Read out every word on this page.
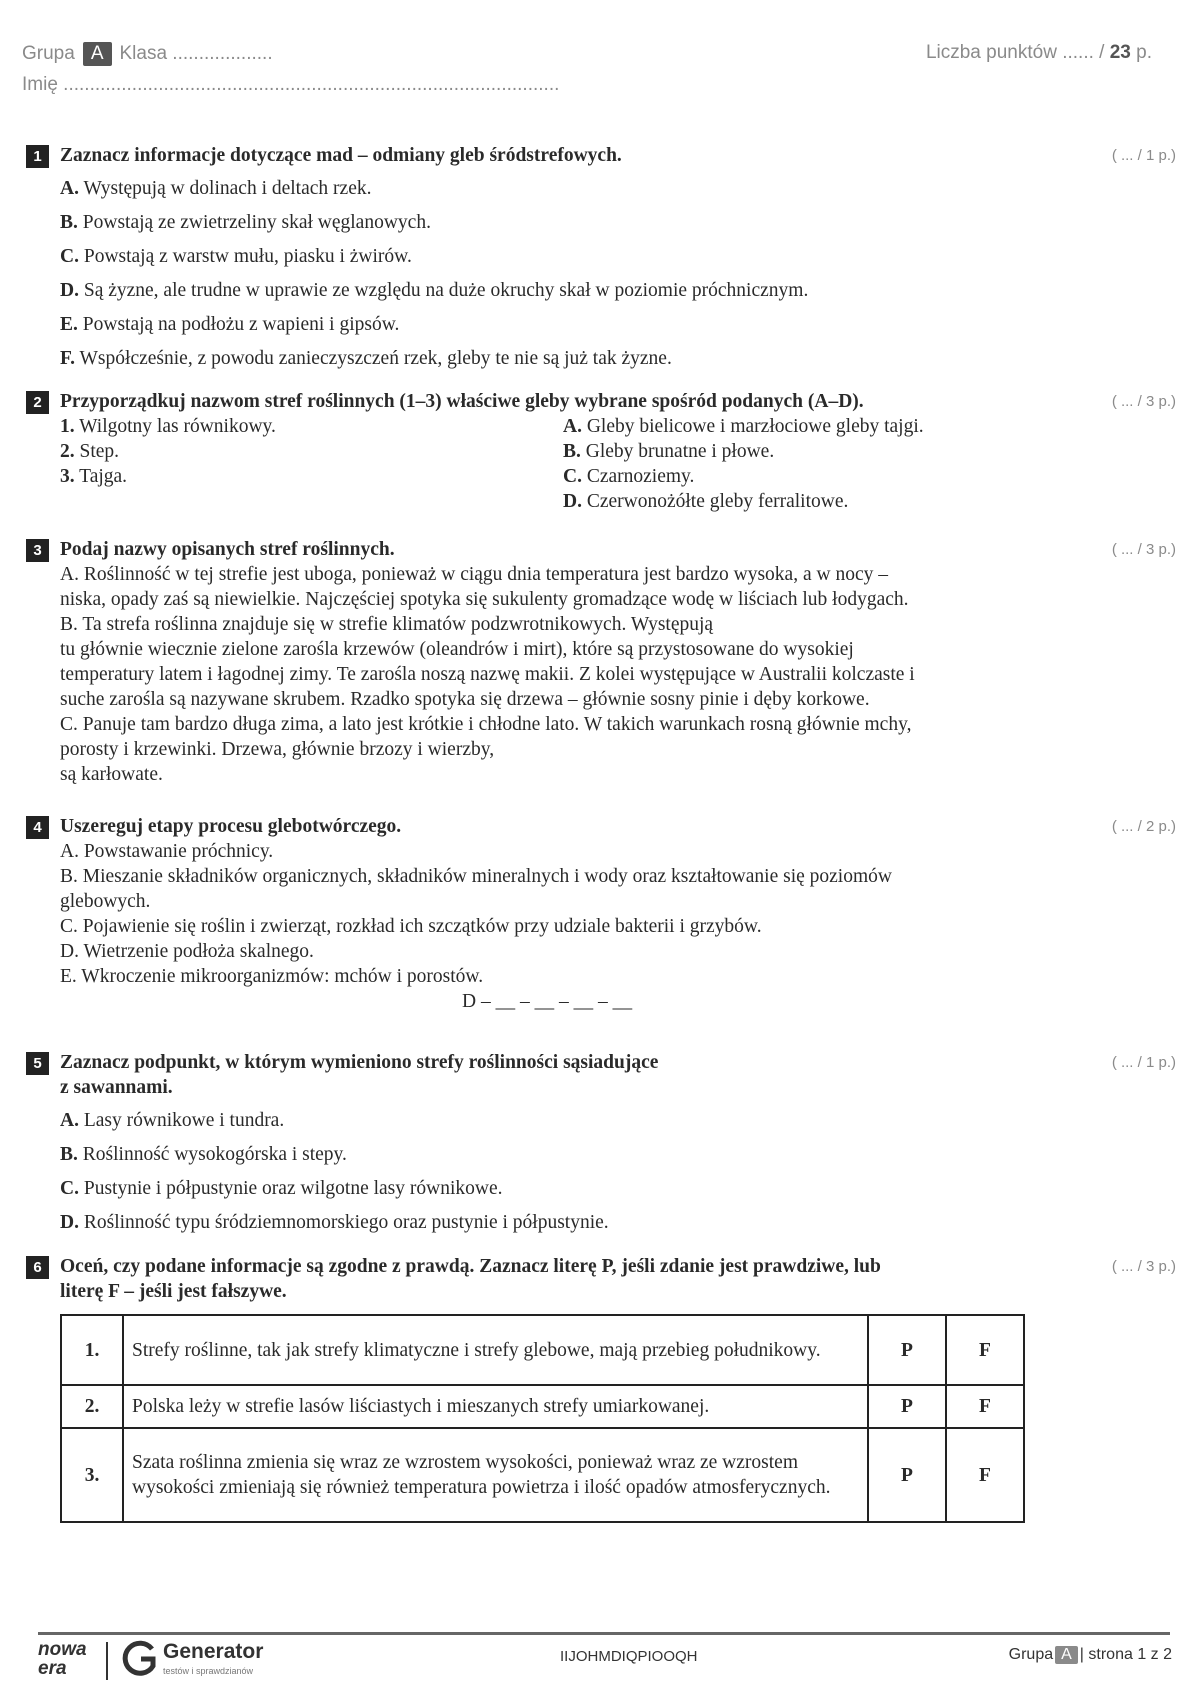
Grupa A Klasa ...................
Imię ..............................................................................................
Liczba punktów ...... / 23 p.
1 Zaznacz informacje dotyczące mad – odmiany gleb śródstrefowych.	( ... / 1 p.)
A. Występują w dolinach i deltach rzek.
B. Powstają ze zwietrzeliny skał węglanowych.
C. Powstają z warstw mułu, piasku i żwirów.
D. Są żyzne, ale trudne w uprawie ze względu na duże okruchy skał w poziomie próchnicznym.
E. Powstają na podłożu z wapieni i gipsów.
F. Współcześnie, z powodu zanieczyszczeń rzek, gleby te nie są już tak żyzne.
2 Przyporządkuj nazwom stref roślinnych (1–3) właściwe gleby wybrane spośród podanych (A–D).	( ... / 3 p.)
1. Wilgotny las równikowy.
2. Step.
3. Tajga.
A. Gleby bielicowe i marzłociowe gleby tajgi.
B. Gleby brunatne i płowe.
C. Czarnoziemy.
D. Czerwonożółte gleby ferralitowe.
3 Podaj nazwy opisanych stref roślinnych.	( ... / 3 p.)
A. Roślinność w tej strefie jest uboga, ponieważ w ciągu dnia temperatura jest bardzo wysoka, a w nocy –
niska, opady zaś są niewielkie. Najczęściej spotyka się sukulenty gromadzące wodę w liściach lub łodygach.
B. Ta strefa roślinna znajduje się w strefie klimatów podzwrotnikowych. Występują
tu głównie wiecznie zielone zarośla krzewów (oleandrów i mirt), które są przystosowane do wysokiej
temperatury latem i łagodnej zimy. Te zarośla noszą nazwę makii. Z kolei występujące w Australii kolczaste i
suche zarośla są nazywane skrubem. Rzadko spotyka się drzewa – głównie sosny pinie i dęby korkowe.
C. Panuje tam bardzo długa zima, a lato jest krótkie i chłodne lato. W takich warunkach rosną głównie mchy,
porosty i krzewinki. Drzewa, głównie brzozy i wierzby,
są karłowate.
4 Uszereguj etapy procesu glebotwórczego.	( ... / 2 p.)
A. Powstawanie próchnicy.
B. Mieszanie składników organicznych, składników mineralnych i wody oraz kształtowanie się poziomów
glebowych.
C. Pojawienie się roślin i zwierząt, rozkład ich szczątków przy udziale bakterii i grzybów.
D. Wietrzenie podłoża skalnego.
E. Wkroczenie mikroorganizmów: mchów i porostów.
D – __ – __ – __ – __
5 Zaznacz podpunkt, w którym wymieniono strefy roślinności sąsiadujące
z sawannami.
( ... / 1 p.)
A. Lasy równikowe i tundra.
B. Roślinność wysokogórska i stepy.
C. Pustynie i półpustynie oraz wilgotne lasy równikowe.
D. Roślinność typu śródziemnomorskiego oraz pustynie i półpustynie.
6 Oceń, czy podane informacje są zgodne z prawdą. Zaznacz literę P, jeśli zdanie jest prawdziwe, lub
literę F – jeśli jest fałszywe.
( ... / 3 p.)
1.	Strefy roślinne, tak jak strefy klimatyczne i strefy glebowe, mają przebieg południkowy.	P	F
2.	Polska leży w strefie lasów liściastych i mieszanych strefy umiarkowanej.	P	F
3.	Szata roślinna zmienia się wraz ze wzrostem wysokości, ponieważ wraz ze wzrostem wysokości zmieniają się również temperatura powietrza i ilość opadów atmosferycznych.	P	F
nowa
era
Generator
testów i sprawdzianów
IIJOHMDIQPIOOQH	Grupa A | strona 1 z 2
